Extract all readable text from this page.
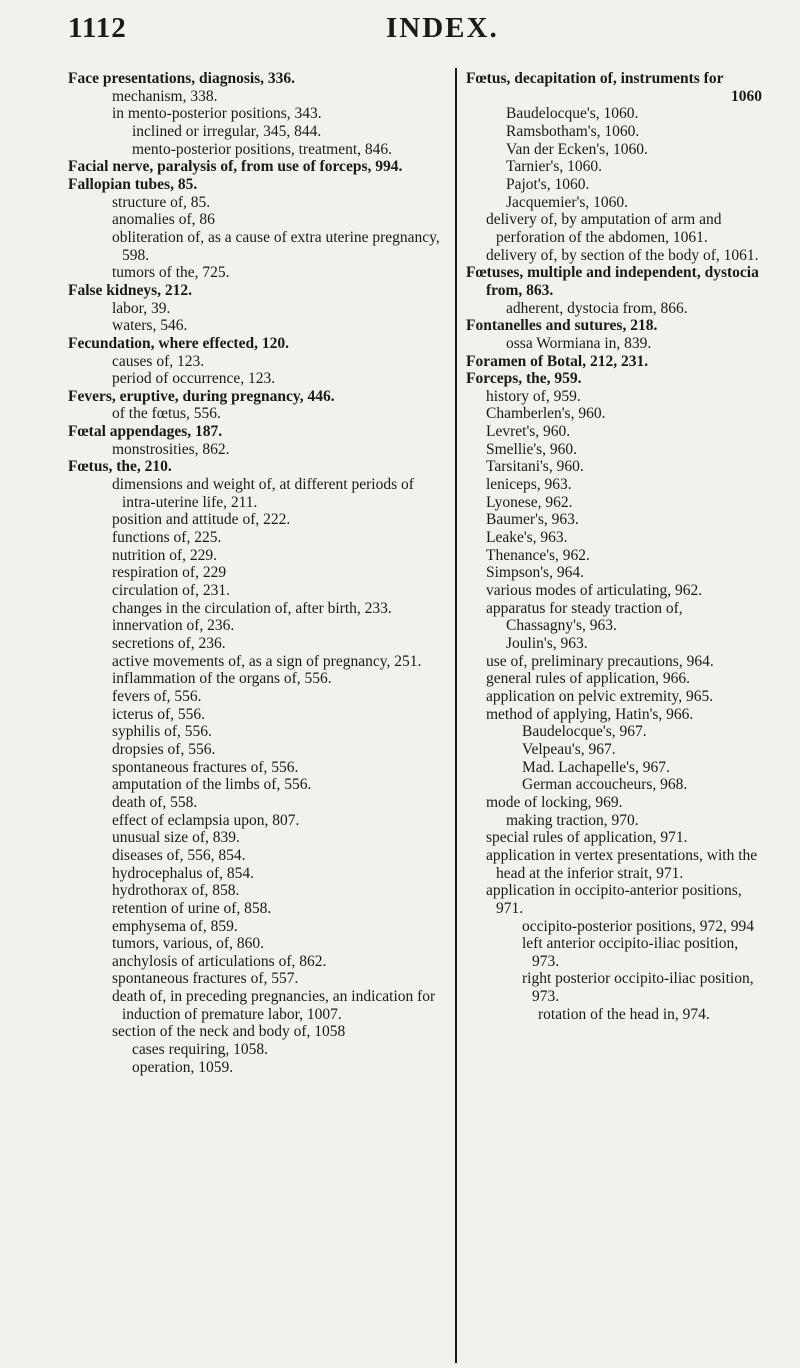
1112	INDEX.

Face presentations, diagnosis, 336.

mechanism, 338.

in mento-posterior positions, 343.

inclined or irregular, 345, 844.

mento-posterior positions, treatment, 846.

Facial nerve, paralysis of, from use of forceps, 994.

Fallopian tubes, 85.

structure of, 85.

anomalies of, 86

obliteration of, as a cause of extra uterine pregnancy, 598.

tumors of the, 725.

False kidneys, 212.

labor, 39.

waters, 546.

Fecundation, where effected, 120.

causes of, 123.

period of occurrence, 123.

Fevers, eruptive, during pregnancy, 446.

of the fœtus, 556.

Fœtal appendages, 187.

monstrosities, 862.

Fœtus, the, 210.

dimensions and weight of, at different periods of intra-uterine life, 211.

position and attitude of, 222.

functions of, 225.

nutrition of, 229.

respiration of, 229

circulation of, 231.

changes in the circulation of, after birth, 233.

innervation of, 236.

secretions of, 236.

active movements of, as a sign of pregnancy, 251.

inflammation of the organs of, 556.

fevers of, 556.

icterus of, 556.

syphilis of, 556.

dropsies of, 556.

spontaneous fractures of, 556.

amputation of the limbs of, 556.

death of, 558.

effect of eclampsia upon, 807.

unusual size of, 839.

diseases of, 556, 854.

hydrocephalus of, 854.

hydrothorax of, 858.

retention of urine of, 858.

emphysema of, 859.

tumors, various, of, 860.

anchylosis of articulations of, 862.

spontaneous fractures of, 557.

death of, in preceding pregnancies, an indication for induction of premature labor, 1007.

section of the neck and body of, 1058

cases requiring, 1058.

operation, 1059.

Fœtus, decapitation of, instruments for

1060

Baudelocque's, 1060.

Ramsbotham's, 1060.

Van der Ecken's, 1060.

Tarnier's, 1060.

Pajot's, 1060.

Jacquemier's, 1060.

delivery of, by amputation of arm and perforation of the abdomen, 1061.

delivery of, by section of the body of, 1061.

Fœtuses, multiple and independent, dystocia from, 863.

adherent, dystocia from, 866.

Fontanelles and sutures, 218.

ossa Wormiana in, 839.

Foramen of Botal, 212, 231.

Forceps, the, 959.

history of, 959.

Chamberlen's, 960.

Levret's, 960.

Smellie's, 960.

Tarsitani's, 960.

leniceps, 963.

Lyonese, 962.

Baumer's, 963.

Leake's, 963.

Thenance's, 962.

Simpson's, 964.

various modes of articulating, 962.

apparatus for steady traction of,

Chassagny's, 963.

Joulin's, 963.

use of, preliminary precautions, 964.

general rules of application, 966.

application on pelvic extremity, 965.

method of applying, Hatin's, 966.

Baudelocque's, 967.

Velpeau's, 967.

Mad. Lachapelle's, 967.

German accoucheurs, 968.

mode of locking, 969.

making traction, 970.

special rules of application, 971.

application in vertex presentations, with the head at the inferior strait, 971.

application in occipito-anterior positions, 971.

occipito-posterior positions, 972, 994

left anterior occipito-iliac position, 973.

right posterior occipito-iliac position, 973.

rotation of the head in, 974.
